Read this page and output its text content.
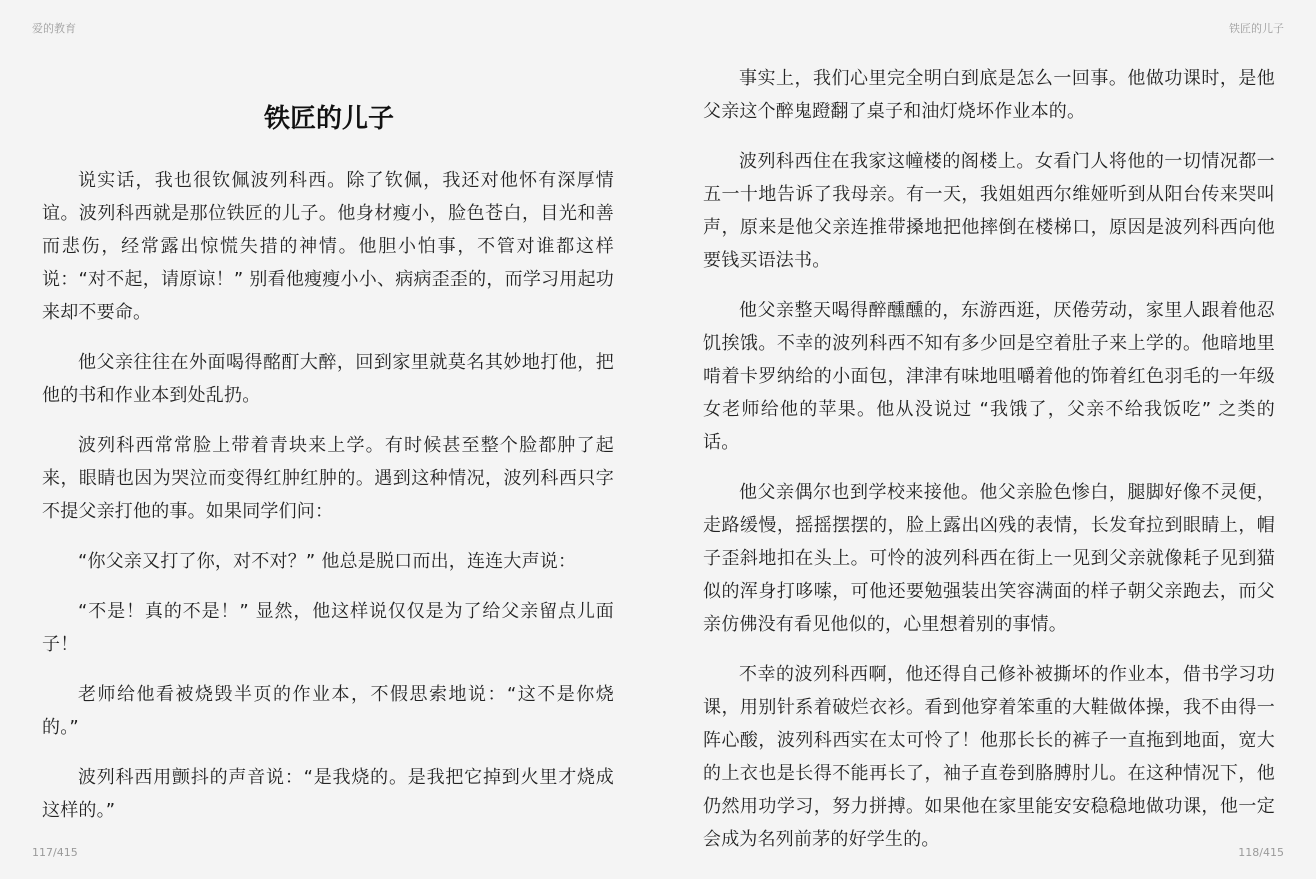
爱的教育	铁匠的儿子
铁匠的儿子

说实话，我也很钦佩波列科西。除了钦佩，我还对他怀有深厚情谊。波列科西就是那位铁匠的儿子。他身材瘦小，脸色苍白，目光和善而悲伤，经常露出惊慌失措的神情。他胆小怕事，不管对谁都这样说：“对不起，请原谅！” 别看他瘦瘦小小、病病歪歪的，而学习用起功来却不要命。

他父亲往往在外面喝得酩酊大醉，回到家里就莫名其妙地打他，把他的书和作业本到处乱扔。

波列科西常常脸上带着青块来上学。有时候甚至整个脸都肿了起来，眼睛也因为哭泣而变得红肿红肿的。遇到这种情况，波列科西只字不提父亲打他的事。如果同学们问：

“你父亲又打了你，对不对？” 他总是脱口而出，连连大声说：

“不是！真的不是！” 显然，他这样说仅仅是为了给父亲留点儿面子！

老师给他看被烧毁半页的作业本，不假思索地说：“这不是你烧的。”

波列科西用颤抖的声音说：“是我烧的。是我把它掉到火里才烧成这样的。”

事实上，我们心里完全明白到底是怎么一回事。他做功课时，是他父亲这个醉鬼蹬翻了桌子和油灯烧坏作业本的。

波列科西住在我家这幢楼的阁楼上。女看门人将他的一切情况都一五一十地告诉了我母亲。有一天，我姐姐西尔维娅听到从阳台传来哭叫声，原来是他父亲连推带搡地把他摔倒在楼梯口，原因是波列科西向他要钱买语法书。

他父亲整天喝得醉醺醺的，东游西逛，厌倦劳动，家里人跟着他忍饥挨饿。不幸的波列科西不知有多少回是空着肚子来上学的。他暗地里啃着卡罗纳给的小面包，津津有味地咀嚼着他的饰着红色羽毛的一年级女老师给他的苹果。他从没说过 “我饿了，父亲不给我饭吃” 之类的话。

他父亲偶尔也到学校来接他。他父亲脸色惨白，腿脚好像不灵便，走路缓慢，摇摇摆摆的，脸上露出凶残的表情，长发耷拉到眼睛上，帽子歪斜地扣在头上。可怜的波列科西在街上一见到父亲就像耗子见到猫似的浑身打哆嗦，可他还要勉强装出笑容满面的样子朝父亲跑去，而父亲仿佛没有看见他似的，心里想着别的事情。

不幸的波列科西啊，他还得自己修补被撕坏的作业本，借书学习功课，用别针系着破烂衣衫。看到他穿着笨重的大鞋做体操，我不由得一阵心酸，波列科西实在太可怜了！他那长长的裤子一直拖到地面，宽大的上衣也是长得不能再长了，袖子直卷到胳膊肘儿。在这种情况下，他仍然用功学习，努力拼搏。如果他在家里能安安稳稳地做功课，他一定会成为名列前茅的好学生的。

117/415	118/415
